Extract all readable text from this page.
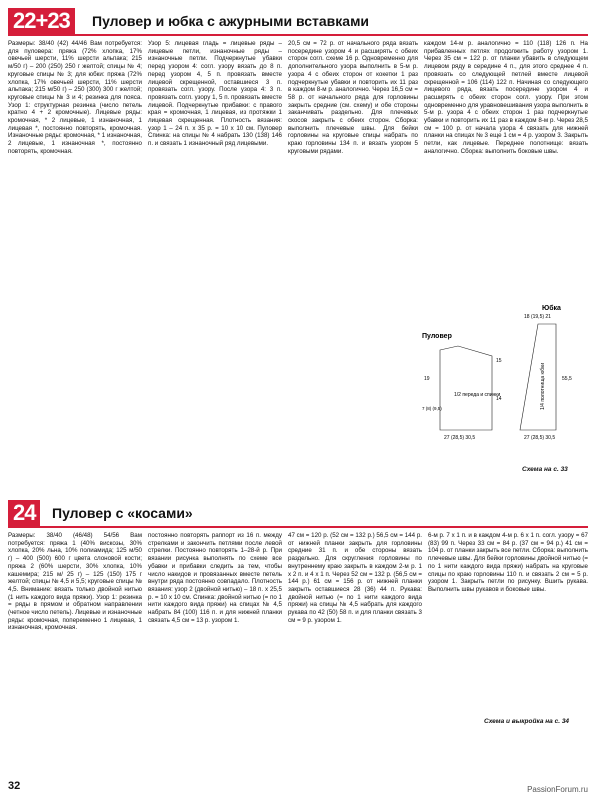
22+23	Пуловер и юбка с ажурными вставками

Размеры: 38/40 (42) 44/46 Вам потребуется: для пуловера: пряжа (72% хлопка, 17% овечьей шерсти, 11% шерсти альпака; 215 м/50 г) – 200 (250) 250 г желтой; спицы № 4; круговые спицы № 3; для юбки: пряжа (72% хлопка, 17% овечьей шерсти, 11% шерсти альпака; 215 м/50 г) – 250 (300) 300 г желтой; круговые спицы № 3 и 4; резинка для пояса. Узор 1: структурная резинка (число петель кратно 4 + 2 кромочные). Лицевые ряды: кромочная, * 2 лицевые, 1 изнаночная, 1 лицевая *, постоянно повторять, кромочная. Изнаночные ряды: кромочная, * 1 изнаночная, 2 лицевые, 1 изнаночная *, постоянно повторять, кромочная.

Узор 5: лицевая гладь = лицевые ряды – лицевые петли, изнаночные ряды – изнаночные петли. Подчеркнутые убавки перед узором 4: согл. узору вязать до 8 п. перед узором 4, 5 п. провязать вместе лицевой скрещенной, оставшиеся 3 п. провязать согл. узору. После узора 4: 3 п. провязать согл. узору 1, 5 п. провязать вместе лицевой. Подчеркнутые прибавки: с правого края = кромочная, 1 лицевая, из протяжки 1 лицевая скрещенная. Плотность вязания: узор 1 – 24 п. х 35 р. = 10 х 10 см. Пуловер Спинка: на спицы № 4 набрать 130 (138) 146 п. и связать 1 изнаночный ряд лицевыми.

20,5 см = 72 р. от начального ряда вязать посередине узором 4 и расширять с обеих сторон согл. схеме 16 р. Одновременно для дополнительного узора выполнить в 5-м р. узора 4 с обеих сторон от кокетки 1 раз подчеркнутые убавки и повторить их 11 раз в каждом 8-м р. аналогично. Через 16,5 см = 58 р. от начального ряда для горловины закрыть средние (см. схему) и обе стороны заканчивать раздельно. Для плечевых скосов закрыть с обеих сторон. Сборка: выполнить плечевые швы. Для бейки горловины на круговые спицы набрать по краю горловины 134 п. и вязать узором 5 круговыми рядами.

каждом 14-м р. аналогично = 110 (118) 126 п. На прибавленных петлях продолжить работу узором 1. Через 35 см = 122 р. от планки убавить в следующем лицевом ряду в середине 4 п., для этого среднее 4 п. провязать со следующей петлей вместе лицевой скрещенной = 106 (114) 122 п. Начиная со следующего лицевого ряда, вязать посередине узором 4 и расширять с обеих сторон согл. узору. При этом одновременно для уравновешивания узора выполнить в 5-м р. узора 4 с обеих сторон 1 раз подчеркнутые убавки и повторить их 11 раз в каждом 8-м р. Через 28,5 см = 100 р. от начала узора 4 связать для нижней планки на спицах № 3 еще 1 см = 4 р. узором 3. Закрыть петли, как лицевые. Переднее полотнище: вязать аналогично. Сборка: выполнить боковые швы.

Пуловер
Юбка
1/2 переда и спинки
27 (28,5) 30,5
15
14
19
7 (8) (9,5)	1/4 полотнища юбки
18 (19,5) 21
55,5
27 (28,5) 30,5
Схема на с. 33
24	Пуловер с «косами»

Размеры: 38/40 (46/48) 54/56 Вам потребуется: пряжа 1 (40% вискозы, 30% хлопка, 20% льна, 10% полиамида; 125 м/50 г) – 400 (500) 600 г цвета слоновой кости; пряжа 2 (60% шерсти, 30% хлопка, 10% кашемира; 215 м/ 25 г) – 125 (150) 175 г желтой; спицы № 4,5 и 5,5; круговые спицы № 4,5. Внимание: вязать только двойной нитью (1 нить каждого вида пряжи). Узор 1: резинка = ряды в прямом и обратном направлении (четное число петель). Лицевые и изнаночные ряды: кромочная, попеременно 1 лицевая, 1 изнаночная, кромочная.

постоянно повторять раппорт из 16 п. между стрелками и закончить петлями после левой стрелки. Постоянно повторять 1–28-й р. При вязании рисунка выполнять по схеме все убавки и прибавки следить за тем, чтобы число накидов и провязанных вместе петель внутри ряда постоянно совпадало. Плотность вязания: узор 2 (двойной нитью) – 18 п. х 25,5 р. = 10 х 10 см. Спинка: двойной нитью (= по 1 нити каждого вида пряжи) на спицах № 4,5 набрать 84 (100) 116 п. и для нижней планки связать 4,5 см = 13 р. узором 1.

47 см = 120 р. (52 см = 132 р.) 56,5 см = 144 р. от нижней планки закрыть для горловины средние 31 п. и обе стороны вязать раздельно. Для скругления горловины по внутреннему краю закрыть в каждом 2-м р. 1 х 2 п. и 4 х 1 п. Через 52 см = 132 р. (56,5 см = 144 р.) 61 см = 156 р. от нижней планки закрыть оставшиеся 28 (36) 44 п. Рукава: двойной нитью (= по 1 нити каждого вида пряжи) на спицы № 4,5 набрать для каждого рукава по 42 (50) 58 п. и для планки связать 3 см = 9 р. узором 1.

6-м р. 7 х 1 п. и в каждом 4-м р. 6 х 1 п. согл. узору = 67 (83) 99 п. Через 33 см = 84 р. (37 см = 94 р.) 41 см = 104 р. от планки закрыть все петли. Сборка: выполнить плечевые швы. Для бейки горловины двойной нитью (= по 1 нити каждого вида пряжи) набрать на круговые спицы по краю горловины 110 п. и связать 2 см = 5 р. узором 1. Закрыть петли по рисунку. Вшить рукава. Выполнить швы рукавов и боковые швы.

Схема и выкройка на с. 34
32	PassionForum.ru
